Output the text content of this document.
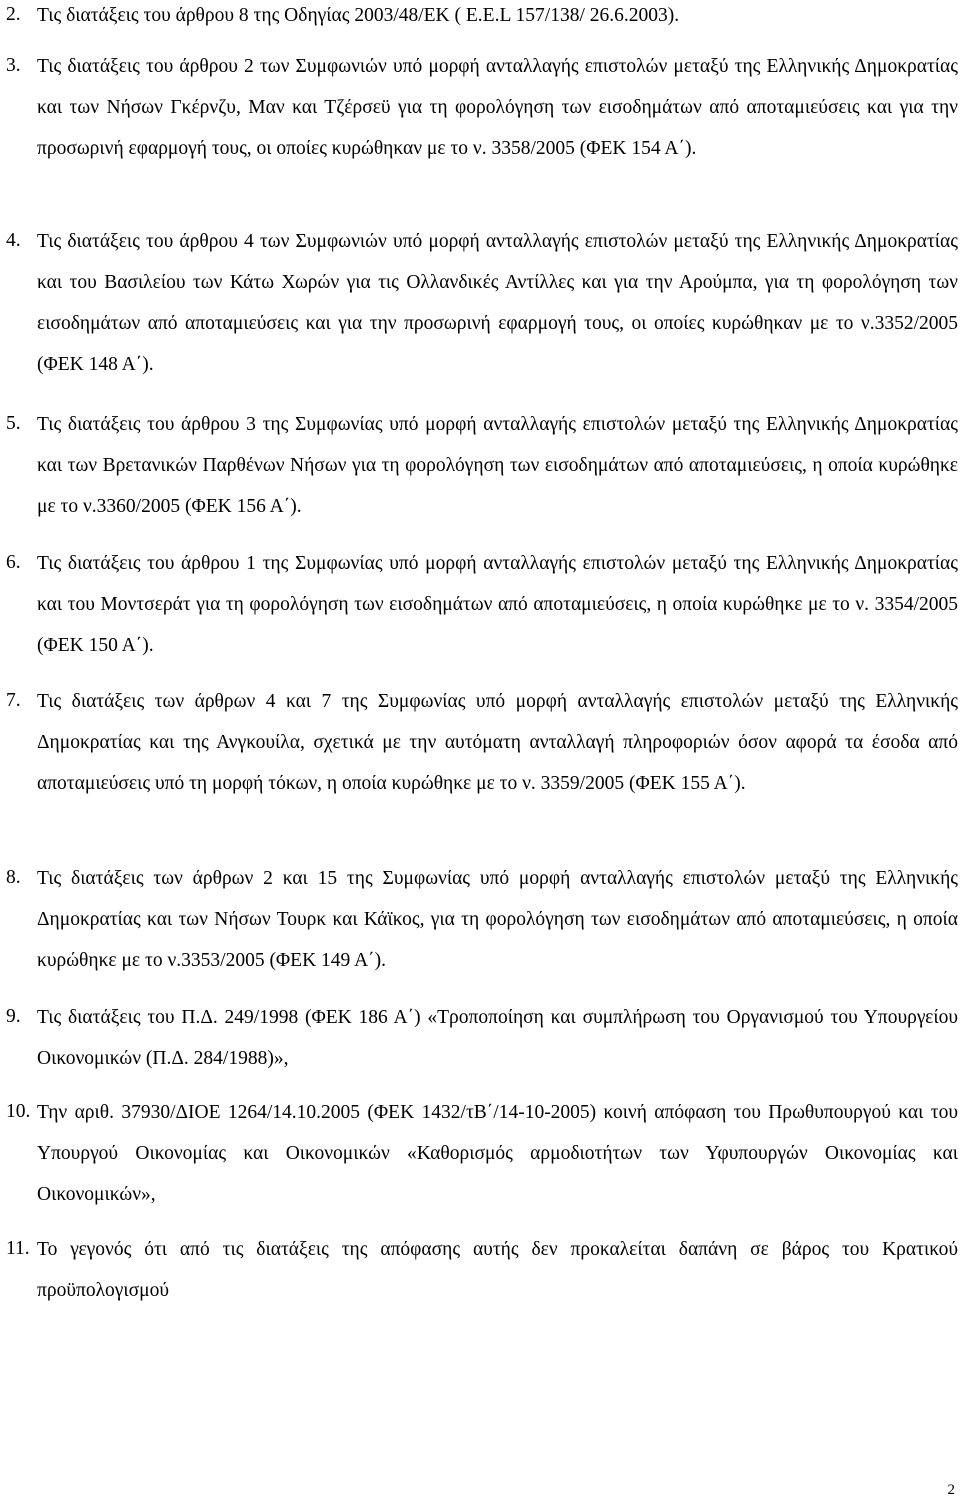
2. Τις διατάξεις του άρθρου 8 της Οδηγίας 2003/48/ΕΚ ( Ε.Ε.L 157/138/ 26.6.2003).
3. Τις διατάξεις του άρθρου 2 των Συμφωνιών υπό μορφή ανταλλαγής επιστολών μεταξύ της Ελληνικής Δημοκρατίας και των Νήσων Γκέρνζυ, Μαν και Τζέρσεϋ για τη φορολόγηση των εισοδημάτων από αποταμιεύσεις και για την προσωρινή εφαρμογή τους, οι οποίες κυρώθηκαν με το ν. 3358/2005 (ΦΕΚ 154 Α΄).
4. Τις διατάξεις του άρθρου 4 των Συμφωνιών υπό μορφή ανταλλαγής επιστολών μεταξύ της Ελληνικής Δημοκρατίας και του Βασιλείου των Κάτω Χωρών για τις Ολλανδικές Αντίλλες και για την Αρούμπα, για τη φορολόγηση των εισοδημάτων από αποταμιεύσεις και για την προσωρινή εφαρμογή τους, οι οποίες κυρώθηκαν με το ν.3352/2005 (ΦΕΚ 148 Α΄).
5. Τις διατάξεις του άρθρου 3 της Συμφωνίας υπό μορφή ανταλλαγής επιστολών μεταξύ της Ελληνικής Δημοκρατίας και των Βρετανικών Παρθένων Νήσων για τη φορολόγηση των εισοδημάτων από αποταμιεύσεις, η οποία κυρώθηκε με το ν.3360/2005 (ΦΕΚ 156 Α΄).
6. Τις διατάξεις του άρθρου 1 της Συμφωνίας υπό μορφή ανταλλαγής επιστολών μεταξύ της Ελληνικής Δημοκρατίας και του Μοντσεράτ για τη φορολόγηση των εισοδημάτων από αποταμιεύσεις, η οποία κυρώθηκε με το ν. 3354/2005 (ΦΕΚ 150 Α΄).
7. Τις διατάξεις των άρθρων 4 και 7 της Συμφωνίας υπό μορφή ανταλλαγής επιστολών μεταξύ της Ελληνικής Δημοκρατίας και της Ανγκουίλα, σχετικά με την αυτόματη ανταλλαγή πληροφοριών όσον αφορά τα έσοδα από αποταμιεύσεις υπό τη μορφή τόκων, η οποία κυρώθηκε με το ν. 3359/2005 (ΦΕΚ 155 Α΄).
8. Τις διατάξεις των άρθρων 2 και 15 της Συμφωνίας υπό μορφή ανταλλαγής επιστολών μεταξύ της Ελληνικής Δημοκρατίας και των Νήσων Τουρκ και Κάϊκος, για τη φορολόγηση των εισοδημάτων από αποταμιεύσεις, η οποία κυρώθηκε με το ν.3353/2005 (ΦΕΚ 149 Α΄).
9. Τις διατάξεις του Π.Δ. 249/1998 (ΦΕΚ 186 Α΄) «Τροποποίηση και συμπλήρωση του Οργανισμού του Υπουργείου Οικονομικών (Π.Δ. 284/1988)»,
10. Την αριθ. 37930/ΔΙΟΕ 1264/14.10.2005 (ΦΕΚ 1432/τΒ΄/14-10-2005) κοινή απόφαση του Πρωθυπουργού και του Υπουργού Οικονομίας και Οικονομικών «Καθορισμός αρμοδιοτήτων των Υφυπουργών Οικονομίας και Οικονομικών»,
11. Το γεγονός ότι από τις διατάξεις της απόφασης αυτής δεν προκαλείται δαπάνη σε βάρος του Κρατικού προϋπολογισμού
2
